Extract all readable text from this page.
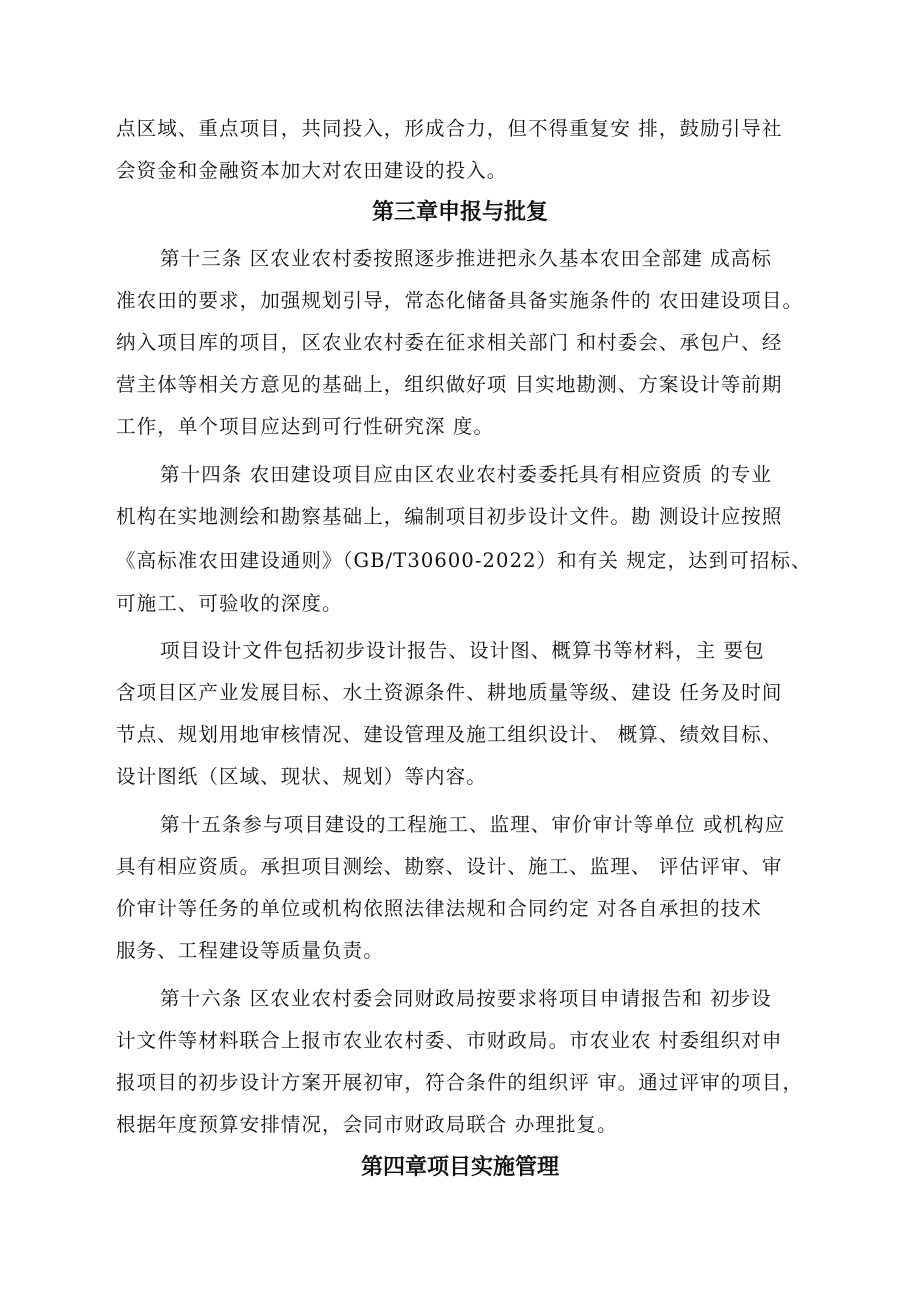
点区域、重点项目，共同投入，形成合力，但不得重复安 排，鼓励引导社
会资金和金融资本加大对农田建设的投入。
第三章申报与批复
第十三条 区农业农村委按照逐步推进把永久基本农田全部建 成高标
准农田的要求，加强规划引导，常态化储备具备实施条件的 农田建设项目。
纳入项目库的项目，区农业农村委在征求相关部门 和村委会、承包户、经
营主体等相关方意见的基础上，组织做好项 目实地勘测、方案设计等前期
工作，单个项目应达到可行性研究深 度。
第十四条 农田建设项目应由区农业农村委委托具有相应资质 的专业
机构在实地测绘和勘察基础上，编制项目初步设计文件。勘 测设计应按照
《高标准农田建设通则》（GB/T30600-2022）和有关 规定，达到可招标、
可施工、可验收的深度。
项目设计文件包括初步设计报告、设计图、概算书等材料，主 要包
含项目区产业发展目标、水土资源条件、耕地质量等级、建设 任务及时间
节点、规划用地审核情况、建设管理及施工组织设计、 概算、绩效目标、
设计图纸（区域、现状、规划）等内容。
第十五条参与项目建设的工程施工、监理、审价审计等单位 或机构应
具有相应资质。承担项目测绘、勘察、设计、施工、监理、 评估评审、审
价审计等任务的单位或机构依照法律法规和合同约定 对各自承担的技术
服务、工程建设等质量负责。
第十六条 区农业农村委会同财政局按要求将项目申请报告和 初步设
计文件等材料联合上报市农业农村委、市财政局。市农业农 村委组织对申
报项目的初步设计方案开展初审，符合条件的组织评 审。通过评审的项目，
根据年度预算安排情况，会同市财政局联合 办理批复。
第四章项目实施管理
